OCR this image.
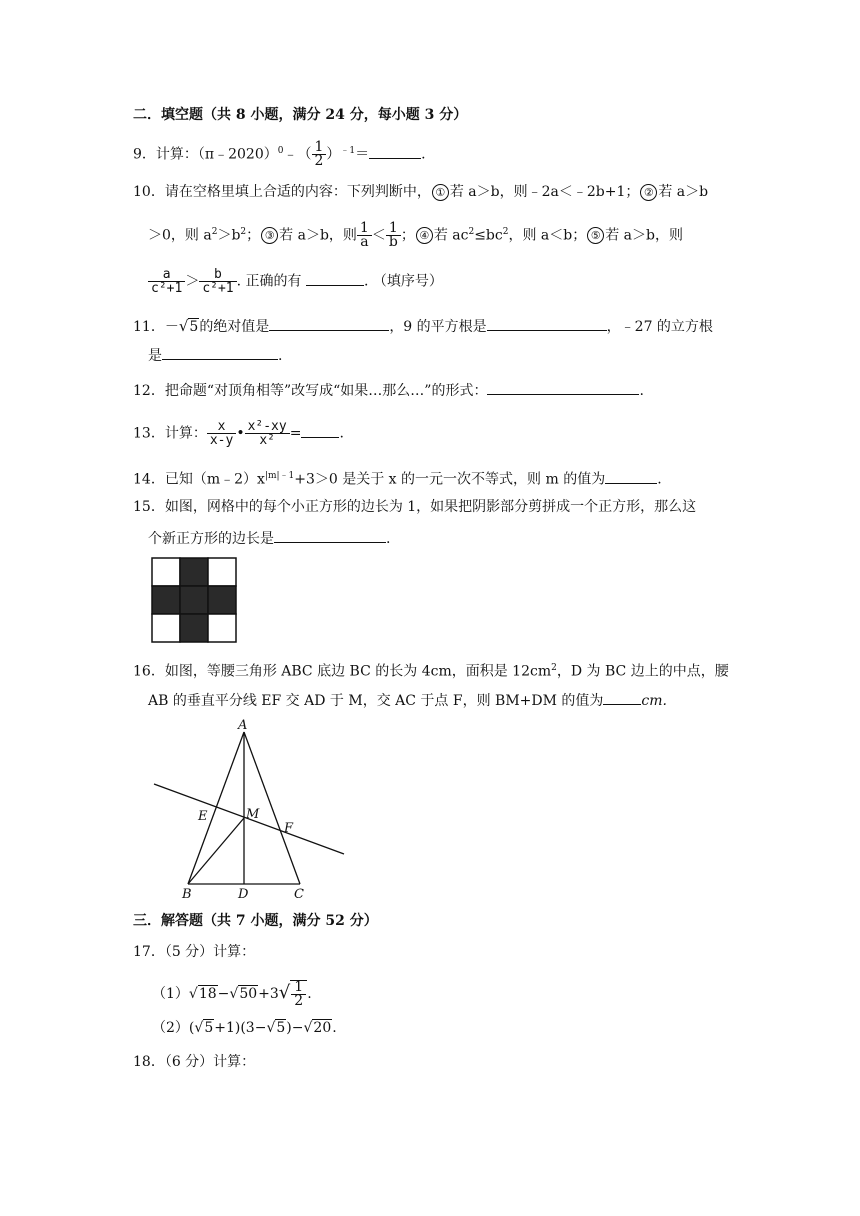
二．填空题（共 8 小题，满分 24 分，每小题 3 分）
9．计算：（π﹣2020）$^0$﹣（ $\frac{1}{2} )^{﹣1}=$	.
10．请在空格里填上合适的内容：下列判断中， ① 若 a＞b，则﹣2a＜﹣2b+1； ② 若 a＞b
＞0，则 $a^2>b^2$； ③ 若 a＞b，则 $\frac{1}{a} < \frac{1}{b}$ ； ④ 若 $ac^2\le bc^2$，则 a＜b； ⑤ 若 a＞b，则
$\frac{a}{\text{c²+1}} > \frac{b}{\text{c²+1}}$ . 正确的有	. （填序号）
11．－√5的绝对值是	，9 的平方根是	，﹣27 的立方根
是	.
12．把命题“对顶角相等”改写成“如果…那么…”的形式：	.
13．计算： $\frac{x}{x-y}$ • $\frac{\text{x²-xy}}{\text{x²}}$ =	.
14．已知$(m﹣2)x^{|m|﹣1}+3>0$ 是关于 x 的一元一次不等式，则 m 的值为	.
15．如图，网格中的每个小正方形的边长为 1，如果把阴影部分剪拼成一个正方形，那么这
个新正方形的边长是	.
16．如图，等腰三角形 ABC 底边 BC 的长为 4cm，面积是 $12cm^2$，D 为 BC 边上的中点，腰
AB 的垂直平分线 EF 交 AD 于 M，交 AC 于点 F，则 BM+DM 的值为	cm.
A
B	C
D
E	M
F
三．解答题（共 7 小题，满分 52 分）
17．（5 分）计算：
$(1)√18-√50+3√ \frac{1}{2}$ .
（2）(√5+1)(3−√5)−√20.
18．（6 分）计算：
